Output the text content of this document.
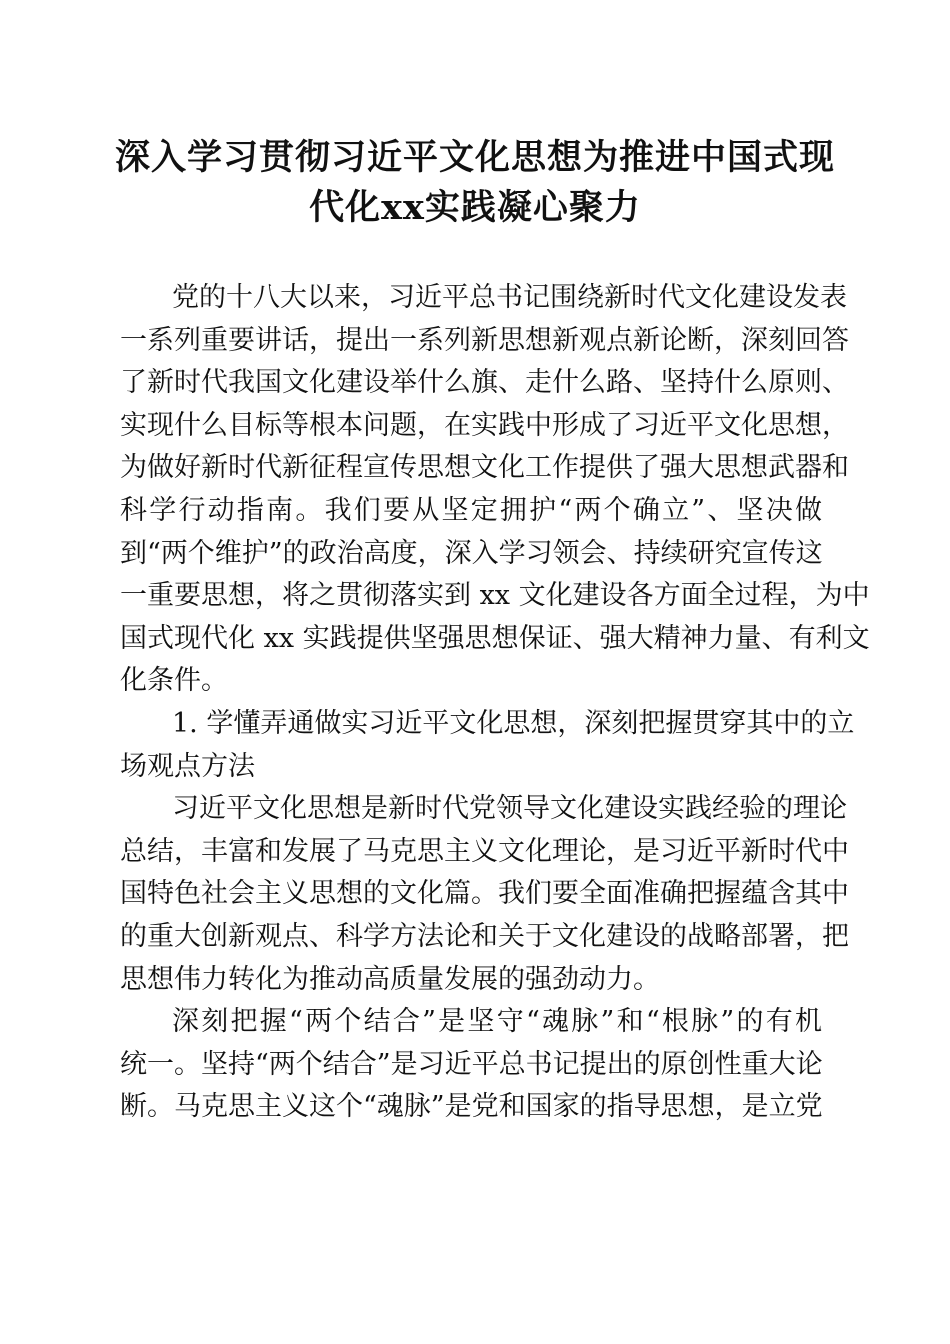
深入学习贯彻习近平文化思想为推进中国式现
代化xx实践凝心聚力
党的十八大以来，习近平总书记围绕新时代文化建设发表
一系列重要讲话，提出一系列新思想新观点新论断，深刻回答
了新时代我国文化建设举什么旗、走什么路、坚持什么原则、
实现什么目标等根本问题，在实践中形成了习近平文化思想，
为做好新时代新征程宣传思想文化工作提供了强大思想武器和
科学行动指南。我们要从坚定拥护“两个确立”、坚决做
到“两个维护”的政治高度，深入学习领会、持续研究宣传这
一重要思想，将之贯彻落实到 xx 文化建设各方面全过程，为中
国式现代化 xx 实践提供坚强思想保证、强大精神力量、有利文
化条件。
1. 学懂弄通做实习近平文化思想，深刻把握贯穿其中的立
场观点方法
习近平文化思想是新时代党领导文化建设实践经验的理论
总结，丰富和发展了马克思主义文化理论，是习近平新时代中
国特色社会主义思想的文化篇。我们要全面准确把握蕴含其中
的重大创新观点、科学方法论和关于文化建设的战略部署，把
思想伟力转化为推动高质量发展的强劲动力。
深刻把握“两个结合”是坚守“魂脉”和“根脉”的有机
统一。坚持“两个结合”是习近平总书记提出的原创性重大论
断。马克思主义这个“魂脉”是党和国家的指导思想，是立党
